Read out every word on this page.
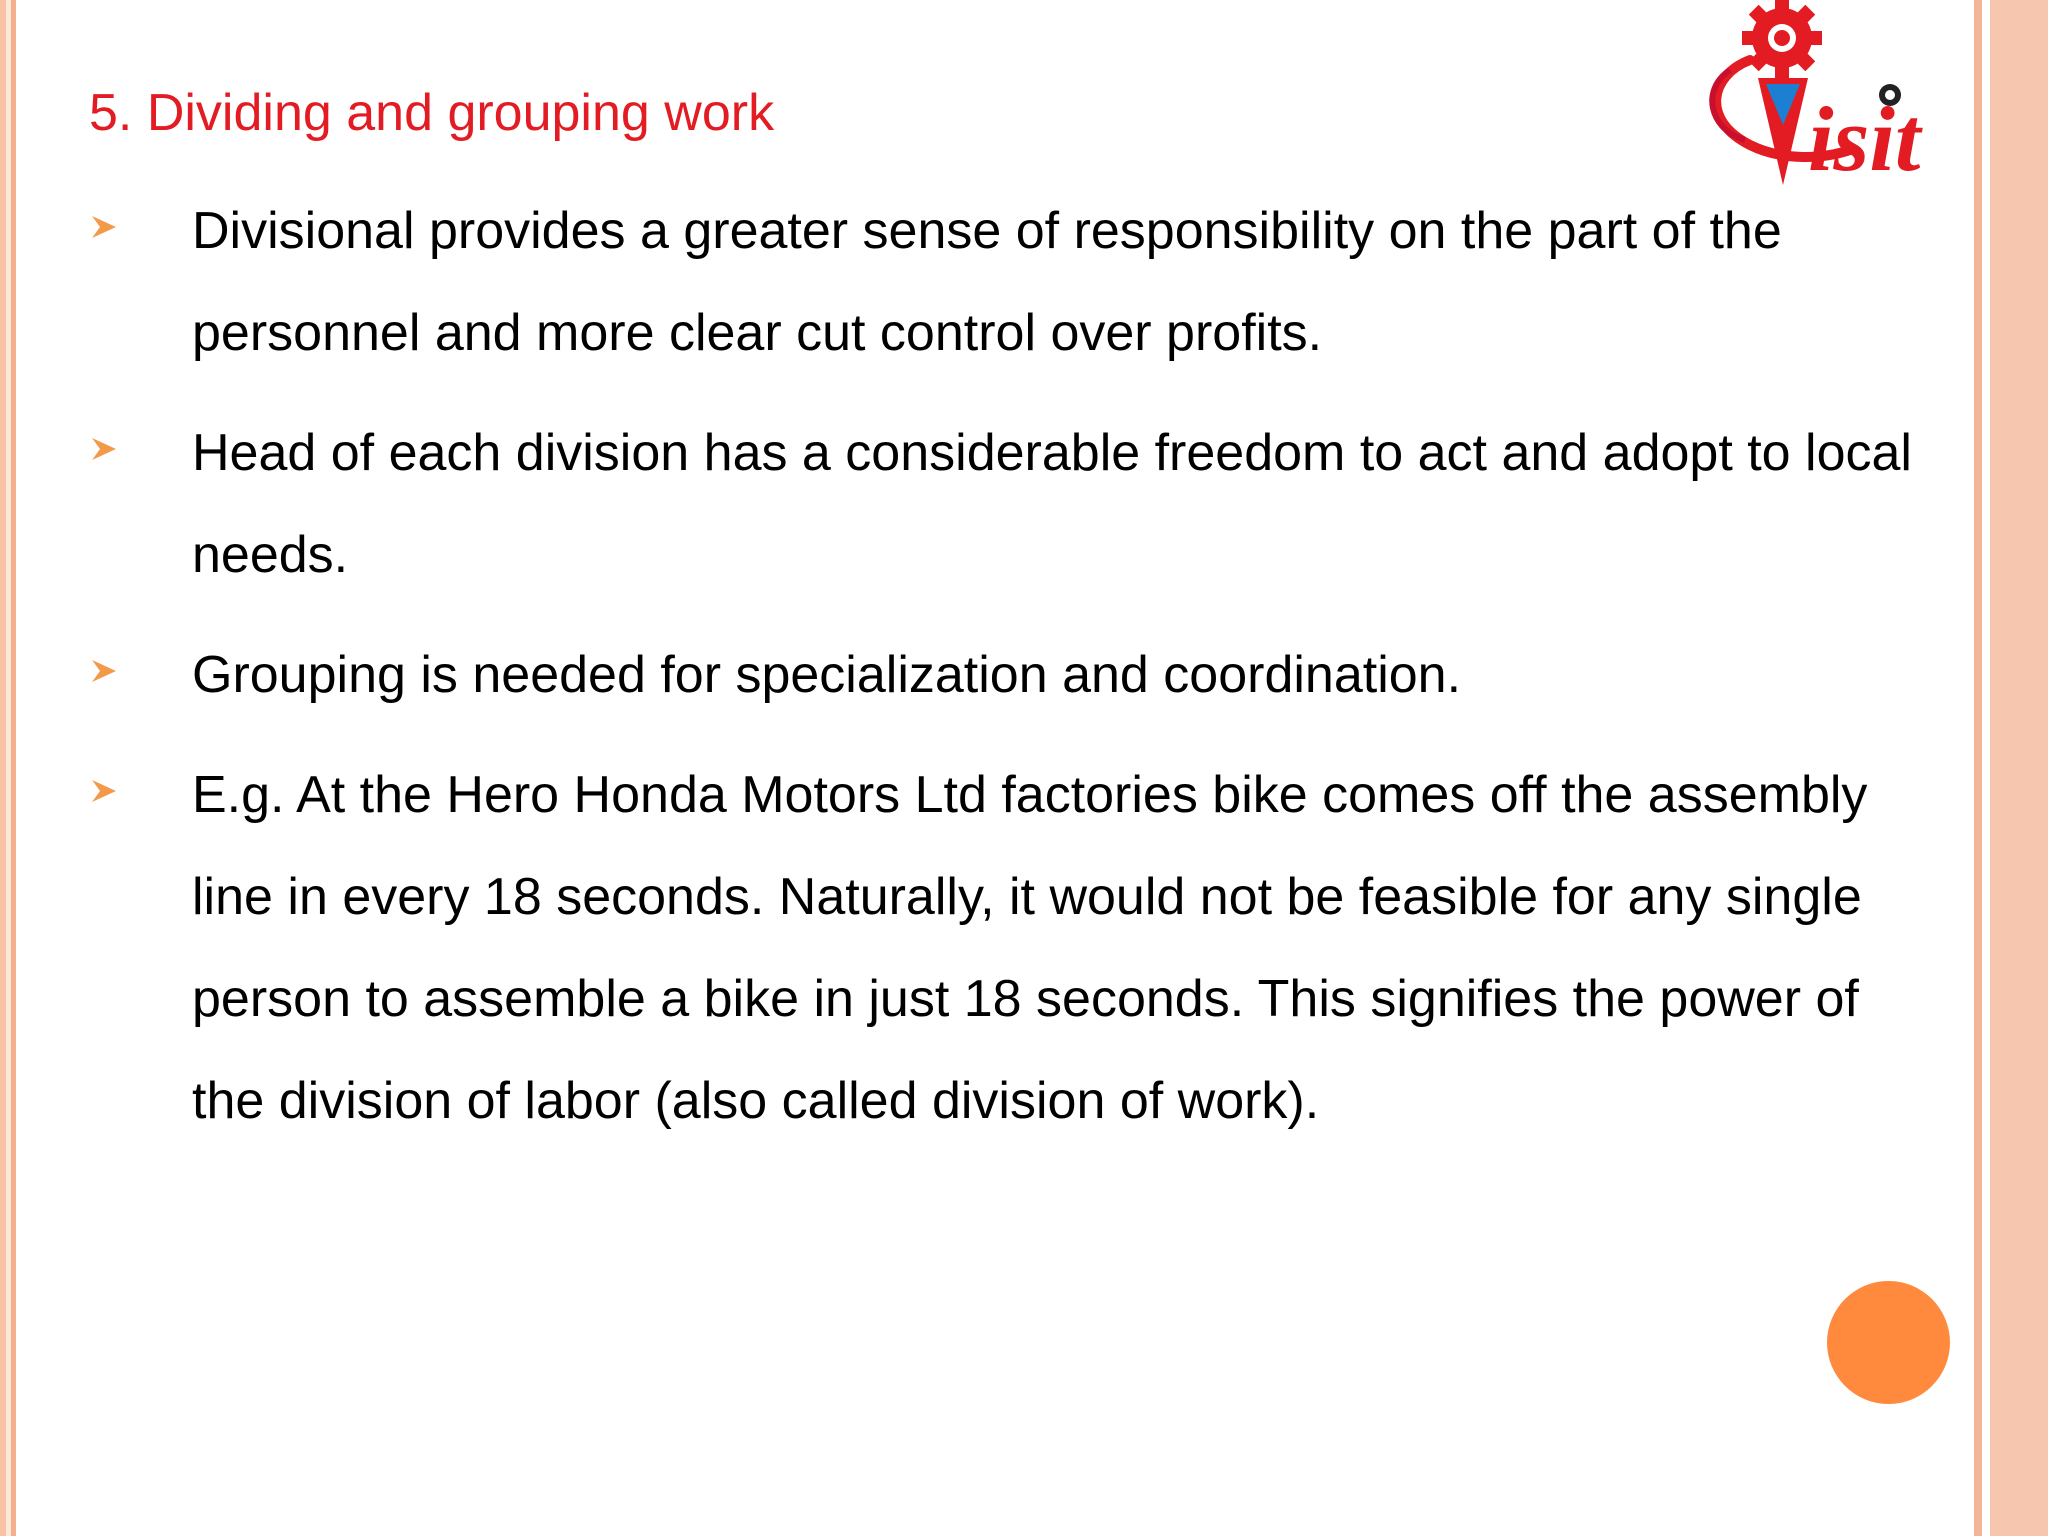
isit
5. Dividing and grouping work
Divisional provides a greater sense of responsibility on the part of the personnel and more clear cut control over profits.
Head of each division has a considerable freedom to act and adopt to local needs.
Grouping is needed for specialization and coordination.
E.g. At the Hero Honda Motors Ltd factories bike comes off the assembly line in every 18 seconds. Naturally, it would not be feasible for any single person to assemble a bike in just 18 seconds. This signifies the power of the division of labor (also called division of work).
